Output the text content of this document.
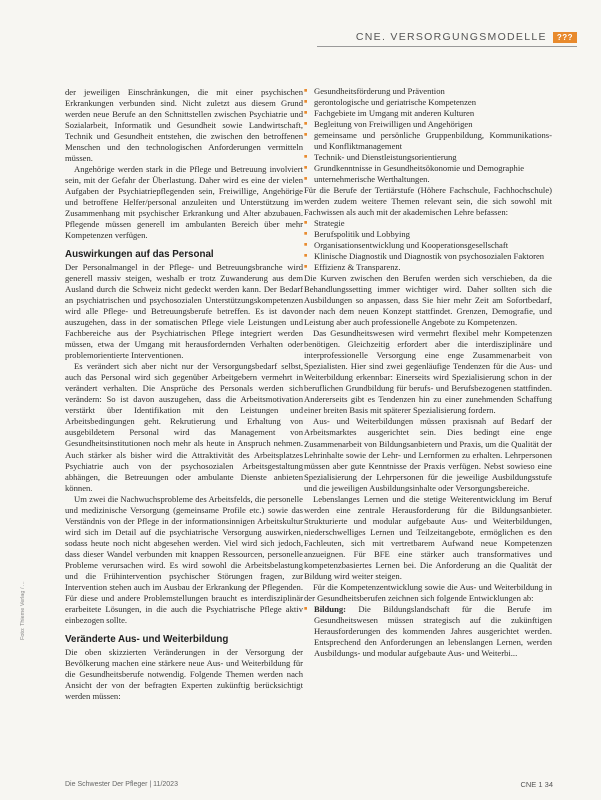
CNE. VERSORGUNGSMODELLE	???

der jeweiligen Einschränkungen, die mit einer psychischen Erkrankungen verbunden sind. Nicht zuletzt aus diesem Grund werden neue Berufe an den Schnittstellen zwischen Psychiatrie und Sozialarbeit, Informatik und Gesundheit sowie Landwirtschaft, Technik und Gesundheit entstehen, die zwischen den betroffenen Menschen und den technologischen Anforderungen vermitteln müssen.

Angehörige werden stark in die Pflege und Betreuung involviert sein, mit der Gefahr der Überlastung. Daher wird es eine der vielen Aufgaben der Psychiatriepflegenden sein, Freiwillige, Angehörige und betroffene Helfer/personal anzuleiten und Unterstützung im Zusammenhang mit psychischer Erkrankung und Alter abzubauen. Pflegende müssen generell im ambulanten Bereich über mehr Kompetenzen verfügen.

Auswirkungen auf das Personal

Der Personalmangel in der Pflege- und Betreuungsbranche wird generell massiv steigen, weshalb er trotz Zuwanderung aus dem Ausland durch die Schweiz nicht gedeckt werden kann. Der Bedarf an psychiatrischen und psychosozialen Unterstützungskompetenzen wird alle Pflege- und Betreuungsberufe betreffen. Es ist davon auszugehen, dass in der somatischen Pflege viele Leistungen und Fachbereiche aus der Psychiatrischen Pflege integriert werden müssen, etwa der Umgang mit herausfordernden Verhalten oder problemorientierte Interventionen.

Es verändert sich aber nicht nur der Versorgungsbedarf selbst, auch das Personal wird sich gegenüber Arbeitgebern vermehrt in verändert verhalten. Die Ansprüche des Personals werden sich verändern: So ist davon auszugehen, dass die Arbeitsmotivation verstärkt über Identifikation mit den Leistungen und Arbeitsbedingungen geht. Rekrutierung und Erhaltung von ausgebildetem Personal wird das Management von Gesundheitsinstitutionen noch mehr als heute in Anspruch nehmen. Auch stärker als bisher wird die Attraktivität des Arbeitsplatzes Psychiatrie auch von der psychosozialen Arbeitsgestaltung abhängen, die Betreuungen oder ambulante Dienste anbieten können.

Um zwei die Nachwuchsprobleme des Arbeitsfelds, die personelle und medizinische Versorgung (gemeinsame Profile etc.) sowie das Verständnis von der Pflege in der informationsinnigen Arbeitskultur wird sich im Detail auf die psychiatrische Versorgung auswirken, sodass heute noch nicht abgesehen werden. Viel wird sich jedoch, dass dieser Wandel verbunden mit knappen Ressourcen, personelle Probleme verursachen wird. Es wird sowohl die Arbeitsbelastung und die Frühintervention psychischer Störungen fragen, zur Intervention stehen auch im Ausbau der Erkrankung der Pflegenden. Für diese und andere Problemstellungen braucht es interdisziplinär erarbeitete Lösungen, in die auch die Psychiatrische Pflege aktiv einbezogen sollte.

Veränderte Aus- und Weiterbildung

Die oben skizzierten Veränderungen in der Versorgung der Bevölkerung machen eine stärkere neue Aus- und Weiterbildung für die Gesundheitsberufe notwendig. Folgende Themen werden nach Ansicht der von der befragten Experten zukünftig berücksichtigt werden müssen:

■ Gesundheitsförderung und Prävention
■ gerontologische und geriatrische Kompetenzen
■ Fachgebiete im Umgang mit anderen Kulturen
■ Begleitung von Freiwilligen und Angehörigen
■ gemeinsame und persönliche Gruppenbildung, Kommunikations- und Konfliktmanagement
■ Technik- und Dienstleistungsorientierung
■ Grundkenntnisse in Gesundheitsökonomie und Demographie
■ unternehmerische Werthaltungen.

Für die Berufe der Tertiärstufe (Höhere Fachschule, Fachhochschule) werden zudem weitere Themen relevant sein, die sich sowohl mit Fachwissen als auch mit der akademischen Lehre befassen:

■ Strategie
■ Berufspolitik und Lobbying
■ Organisationsentwicklung und Kooperationsgesellschaft
■ Klinische Diagnostik und Diagnostik von psychosozialen Faktoren
■ Effizienz & Transparenz.

Die Kurven zwischen den Berufen werden sich verschieben, da die Behandlungssetting immer wichtiger wird. Daher sollten sich die Ausbildungen so anpassen, dass Sie hier mehr Zeit am Sofortbedarf, der nach dem neuen Konzept stattfindet. Grenzen, Demografie, und Leistung aber auch professionelle Angebote zu Kompetenzen.

Das Gesundheitswesen wird vermehrt flexibel mehr Kompetenzen benötigen. Gleichzeitig erfordert aber die interdisziplinäre und interprofessionelle Versorgung eine enge Zusammenarbeit von Spezialisten. Hier sind zwei gegenläufige Tendenzen für die Aus- und Weiterbildung erkennbar: Einerseits wird Spezialisierung schon in der beruflichen Grundbildung für berufs- und Berufsbezogenen stattfinden. Andererseits gibt es Tendenzen hin zu einer zunehmenden Schaffung einer breiten Basis mit späterer Spezialisierung fordern.

Aus- und Weiterbildungen müssen praxisnah auf Bedarf der Arbeitsmarktes ausgerichtet sein. Dies bedingt eine enge Zusammenarbeit von Bildungsanbietern und Praxis, um die Qualität der Lehrinhalte sowie der Lehr- und Lernformen zu erhalten. Lehrpersonen müssen aber gute Kenntnisse der Praxis verfügen. Nebst sowieso eine Spezialisierung der Lehrpersonen für die jeweilige Ausbildungsstufe und die jeweiligen Ausbildungsinhalte oder Versorgungsbereiche.

Lebenslanges Lernen und die stetige Weiterentwicklung im Beruf werden eine zentrale Herausforderung für die Bildungsanbieter. Strukturierte und modular aufgebaute Aus- und Weiterbildungen, niederschwelliges Lernen und Teilzeitangebote, ermöglichen es den Fachleuten, sich mit vertretbarem Aufwand neue Kompetenzen anzueignen. Für BFE eine stärker auch transformatives und kompetenzbasiertes Lernen bei. Die Anforderung an die Qualität der Bildung wird weiter steigen.

Für die Kompetenzentwicklung sowie die Aus- und Weiterbildung in der Gesundheitsberufen zeichnen sich folgende Entwicklungen ab:

■ Bildung: Die Bildungslandschaft für die Berufe im Gesundheitswesen müssen strategisch auf die zukünftigen Herausforderungen des kommenden Jahres ausgerichtet werden. Entsprechend den Anforderungen an lebenslangen Lernen, werden Ausbildungs- und modular aufgebaute Aus- und Weiterbi...
Foto: Thieme Verlag / ...
Die Schwester Der Pfleger | 11/2023	CNE 1 34
